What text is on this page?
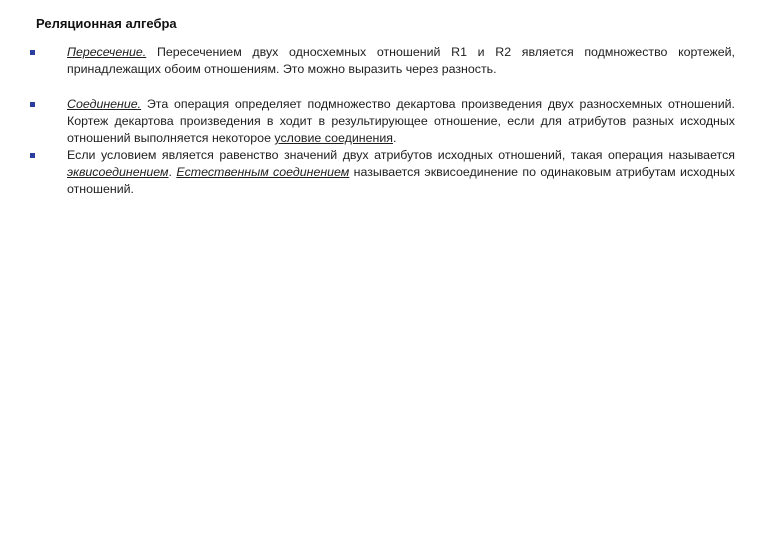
Реляционная алгебра
Пересечение. Пересечением двух односхемных отношений R1 и R2 является подмножество кортежей, принадлежащих обоим отношениям. Это можно выразить через разность.
Соединение. Эта операция определяет подмножество декартова произведения двух разносхемных отношений. Кортеж декартова произведения в ходит в результирующее отношение, если для атрибутов разных исходных отношений выполняется некоторое условие соединения.
Если условием является равенство значений двух атрибутов исходных отношений, такая операция называется эквисоединением. Естественным соединением называется эквисоединение по одинаковым атрибутам исходных отношений.
